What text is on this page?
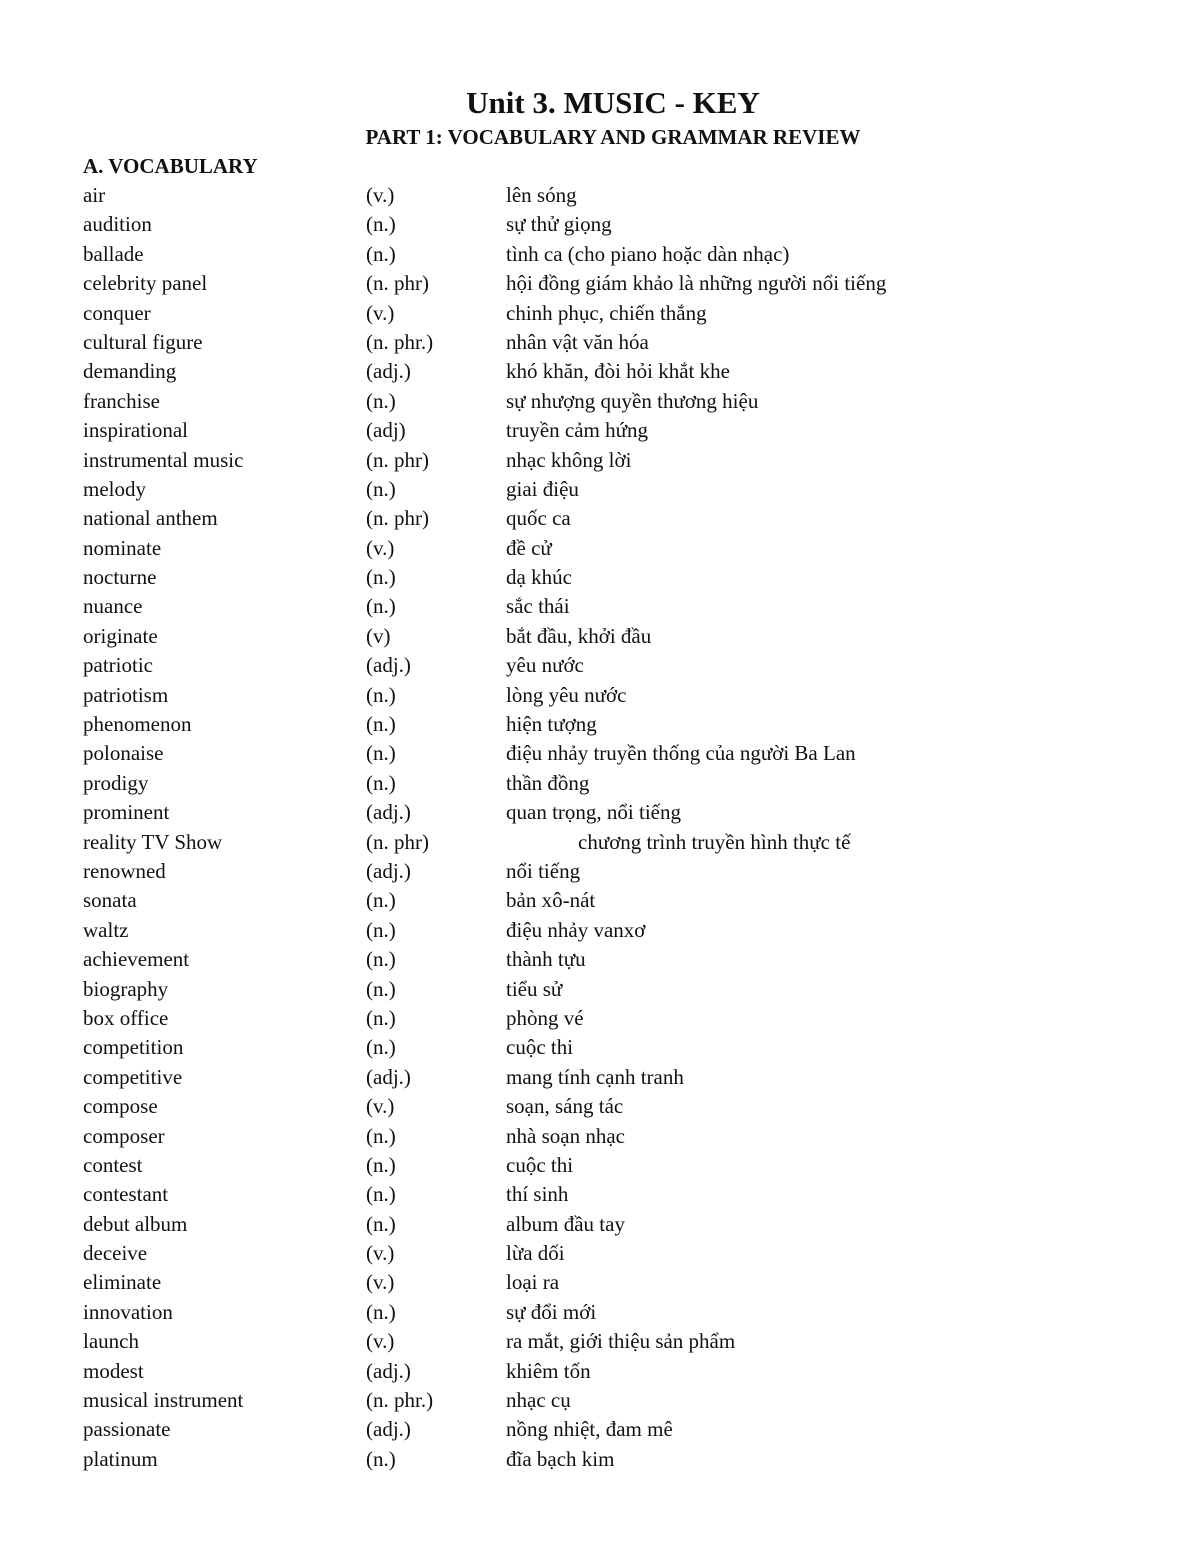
Unit 3. MUSIC - KEY
PART 1: VOCABULARY AND GRAMMAR REVIEW
A. VOCABULARY
air	(v.)	lên sóng
audition	(n.)	sự thử giọng
ballade	(n.)	tình ca (cho piano hoặc dàn nhạc)
celebrity panel	(n. phr)	hội đồng giám khảo là những người nổi tiếng
conquer	(v.)	chinh phục, chiến thắng
cultural figure	(n. phr.)	nhân vật văn hóa
demanding	(adj.)	khó khăn, đòi hỏi khắt khe
franchise	(n.)	sự nhượng quyền thương hiệu
inspirational	(adj)	truyền cảm hứng
instrumental music	(n. phr)	nhạc không lời
melody	(n.)	giai điệu
national anthem	(n. phr)	quốc ca
nominate	(v.)	đề cử
nocturne	(n.)	dạ khúc
nuance	(n.)	sắc thái
originate	(v)	bắt đầu, khởi đầu
patriotic	(adj.)	yêu nước
patriotism	(n.)	lòng yêu nước
phenomenon	(n.)	hiện tượng
polonaise	(n.)	điệu nhảy truyền thống của người Ba Lan
prodigy	(n.)	thần đồng
prominent	(adj.)	quan trọng, nổi tiếng
reality TV Show	(n. phr)	chương trình truyền hình thực tế
renowned	(adj.)	nổi tiếng
sonata	(n.)	bản xô-nát
waltz	(n.)	điệu nhảy vanxơ
achievement	(n.)	thành tựu
biography	(n.)	tiểu sử
box office	(n.)	phòng vé
competition	(n.)	cuộc thi
competitive	(adj.)	mang tính cạnh tranh
compose	(v.)	soạn, sáng tác
composer	(n.)	nhà soạn nhạc
contest	(n.)	cuộc thi
contestant	(n.)	thí sinh
debut album	(n.)	album đầu tay
deceive	(v.)	lừa dối
eliminate	(v.)	loại ra
innovation	(n.)	sự đổi mới
launch	(v.)	ra mắt, giới thiệu sản phẩm
modest	(adj.)	khiêm tốn
musical instrument	(n. phr.)	nhạc cụ
passionate	(adj.)	nồng nhiệt, đam mê
platinum	(n.)	đĩa bạch kim
